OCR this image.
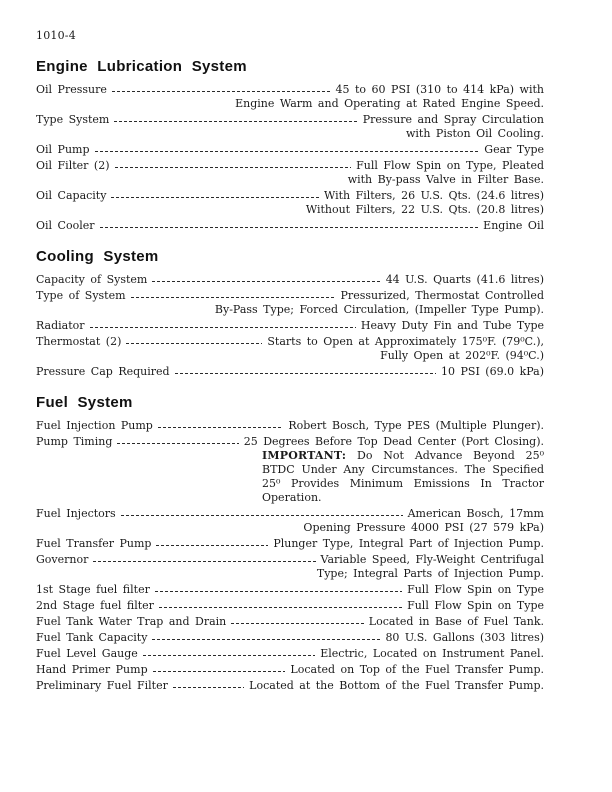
1010-4
Engine Lubrication System
Oil Pressure	45 to 60 PSI (310 to 414 kPa) with
Engine Warm and Operating at Rated Engine Speed.
Type System	Pressure and Spray Circulation
with Piston Oil Cooling.
Oil Pump	Gear Type
Oil Filter (2)	Full Flow Spin on Type, Pleated
with By-pass Valve in Filter Base.
Oil Capacity	With Filters, 26 U.S. Qts. (24.6 litres)
Without Filters, 22 U.S. Qts. (20.8 litres)
Oil Cooler	Engine Oil
Cooling System
Capacity of System	44 U.S. Quarts (41.6 litres)
Type of System	Pressurized, Thermostat Controlled
By-Pass Type; Forced Circulation, (Impeller Type Pump).
Radiator	Heavy Duty Fin and Tube Type
Thermostat (2)	Starts to Open at Approximately 175⁰F. (79⁰C.),
Fully Open at 202⁰F. (94⁰C.)
Pressure Cap Required	10 PSI (69.0 kPa)
Fuel System
Fuel Injection Pump	Robert Bosch, Type PES (Multiple Plunger).
Pump Timing	25 Degrees Before Top Dead Center (Port Closing).
IMPORTANT: Do Not Advance Beyond 25⁰ BTDC Under Any Circumstances. The Specified 25⁰ Provides Minimum Emissions In Tractor Operation.
Fuel Injectors	American Bosch, 17mm
Opening Pressure 4000 PSI (27 579 kPa)
Fuel Transfer Pump	Plunger Type, Integral Part of Injection Pump.
Governor	Variable Speed, Fly-Weight Centrifugal
Type; Integral Parts of Injection Pump.
1st Stage fuel filter	Full Flow Spin on Type
2nd Stage fuel filter	Full Flow Spin on Type
Fuel Tank Water Trap and Drain	Located in Base of Fuel Tank.
Fuel Tank Capacity	80 U.S. Gallons (303 litres)
Fuel Level Gauge	Electric, Located on Instrument Panel.
Hand Primer Pump	Located on Top of the Fuel Transfer Pump.
Preliminary Fuel Filter	Located at the Bottom of the Fuel Transfer Pump.
